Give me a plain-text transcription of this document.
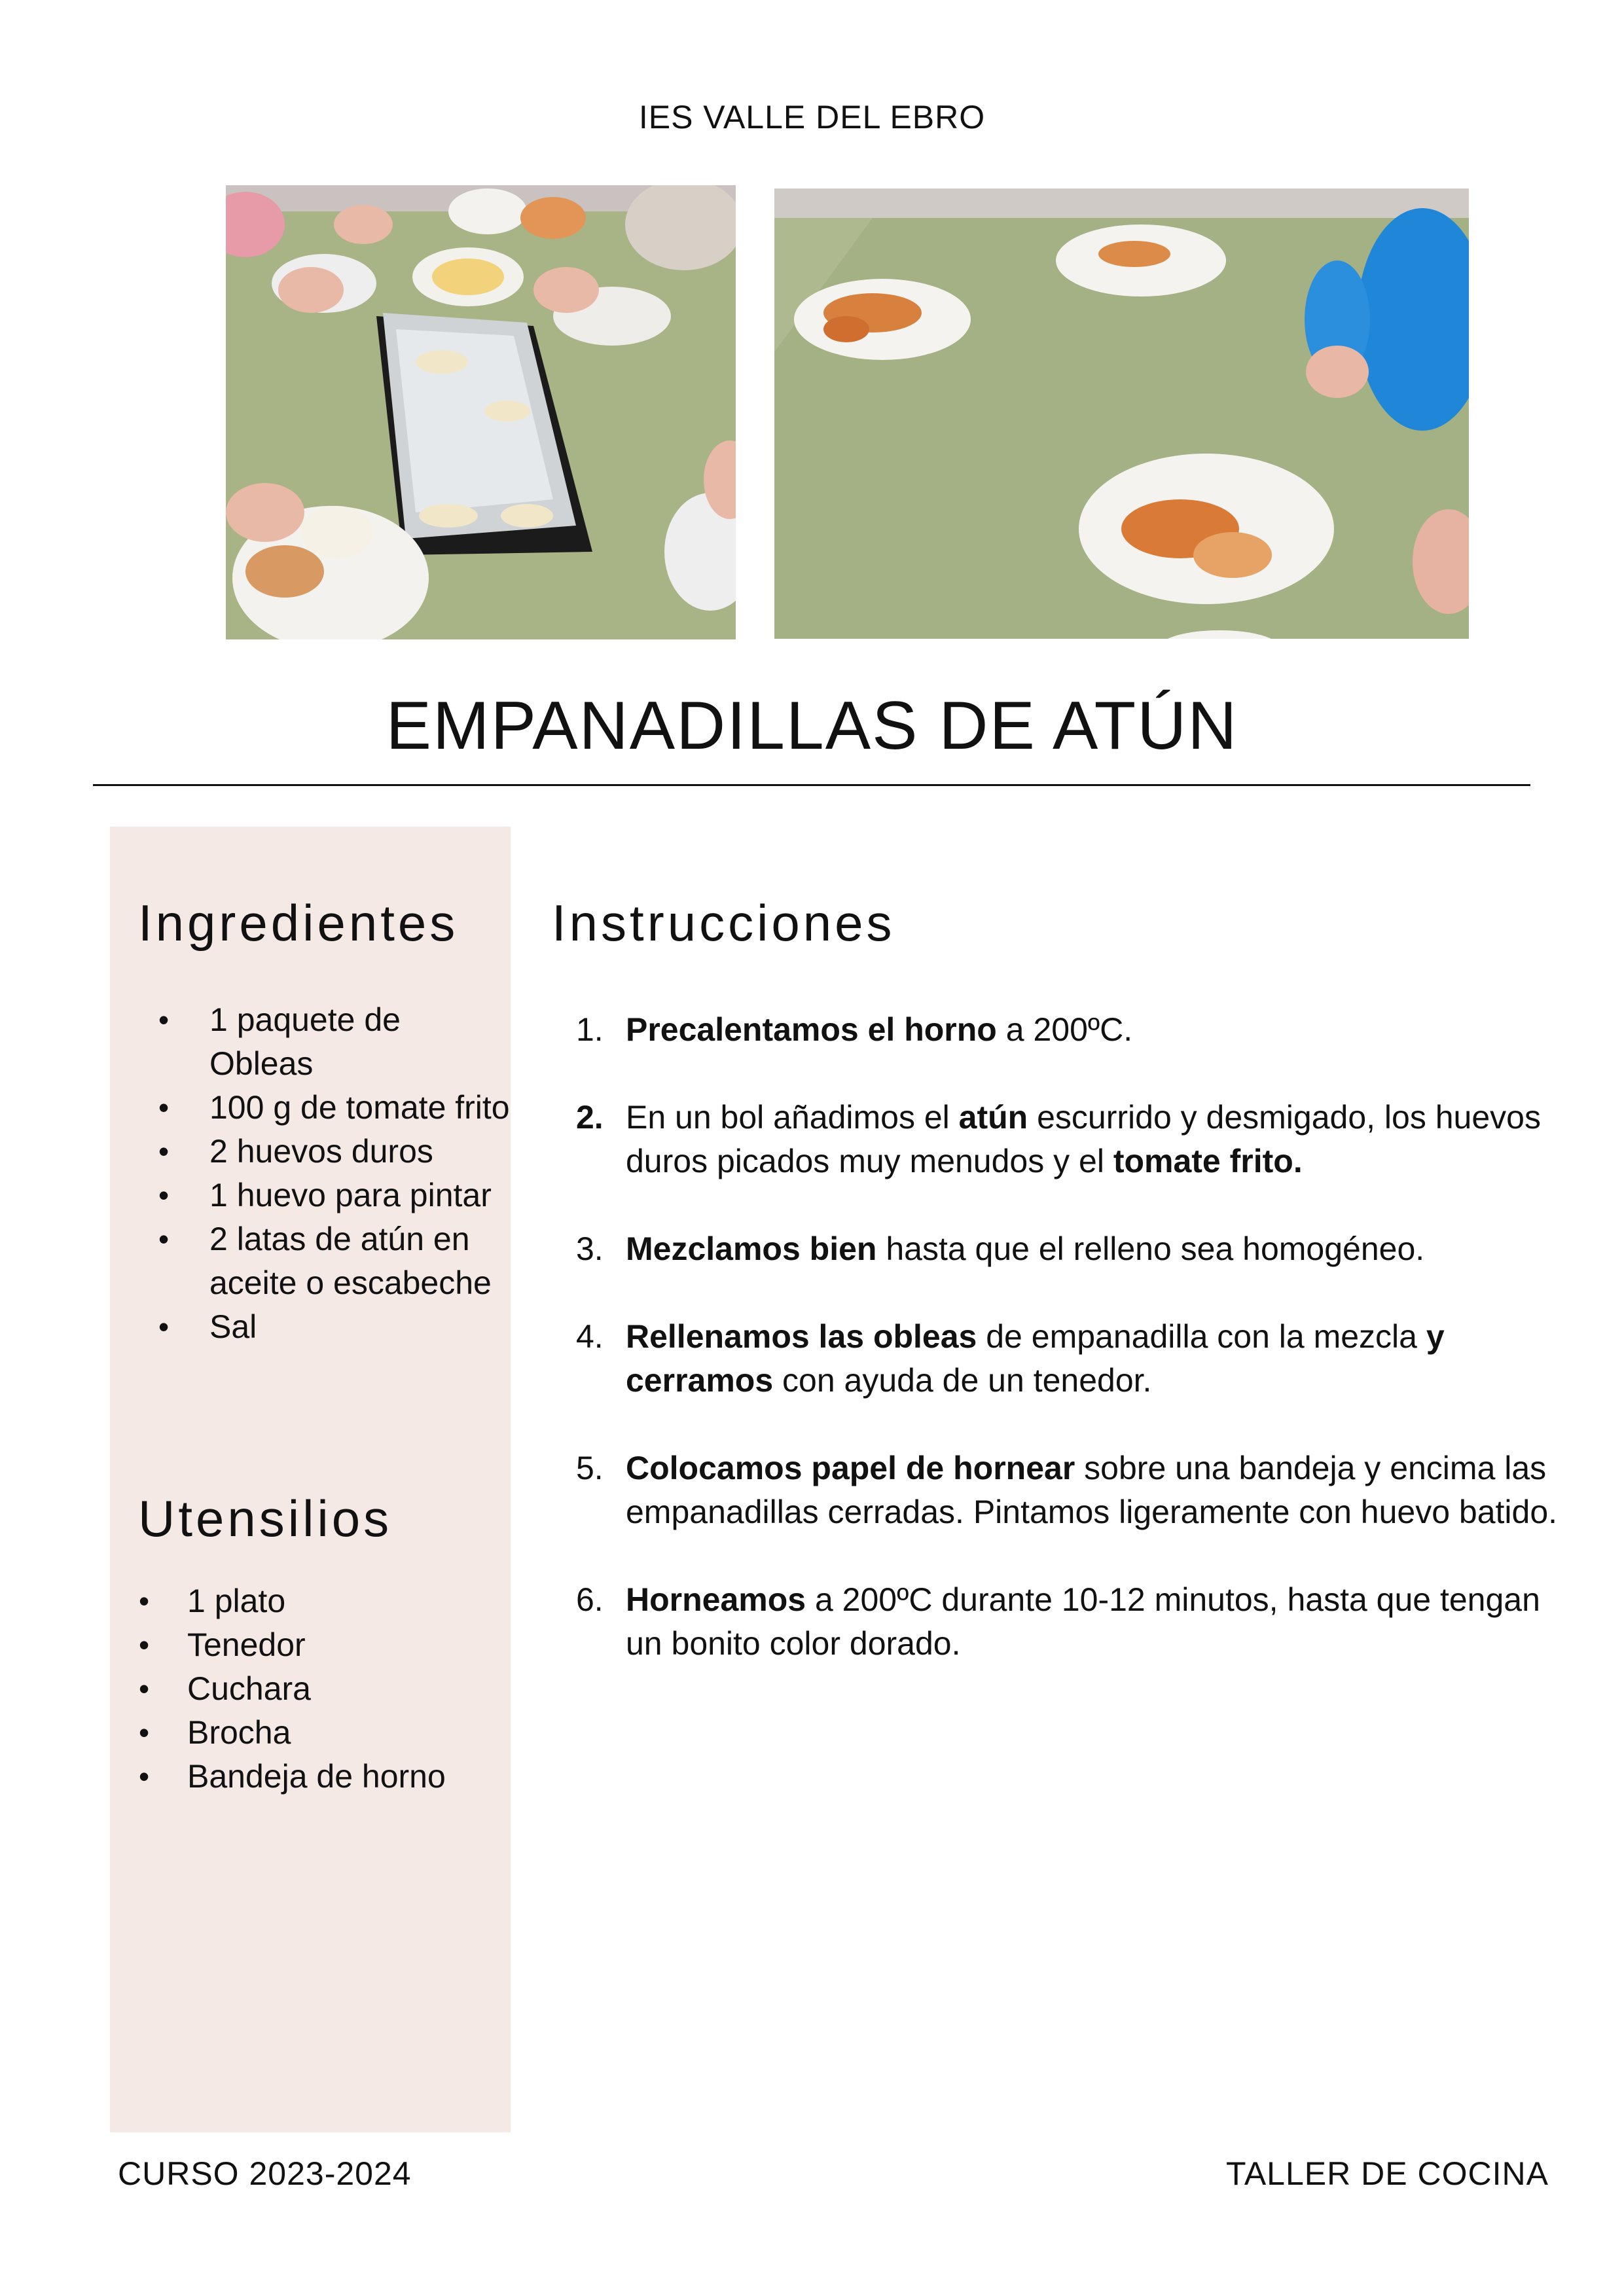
IES VALLE DEL EBRO
EMPANADILLAS DE ATÚN
Ingredientes
• 1 paquete de Obleas
• 100 g de tomate frito
• 2 huevos duros
• 1 huevo para pintar
• 2 latas de atún en aceite o escabeche
• Sal
Utensilios
• 1 plato
• Tenedor
• Cuchara
• Brocha
• Bandeja de horno
Instrucciones
1. Precalentamos el horno a 200ºC.
2. En un bol añadimos el atún escurrido y desmigado, los huevos duros picados muy menudos y el tomate frito.
3. Mezclamos bien hasta que el relleno sea homogéneo.
4. Rellenamos las obleas de empanadilla con la mezcla y cerramos con ayuda de un tenedor.
5. Colocamos papel de hornear sobre una bandeja y encima las empanadillas cerradas. Pintamos ligeramente con huevo batido.
6. Horneamos a 200ºC durante 10-12 minutos, hasta que tengan un bonito color dorado.
CURSO 2023-2024	TALLER DE COCINA
